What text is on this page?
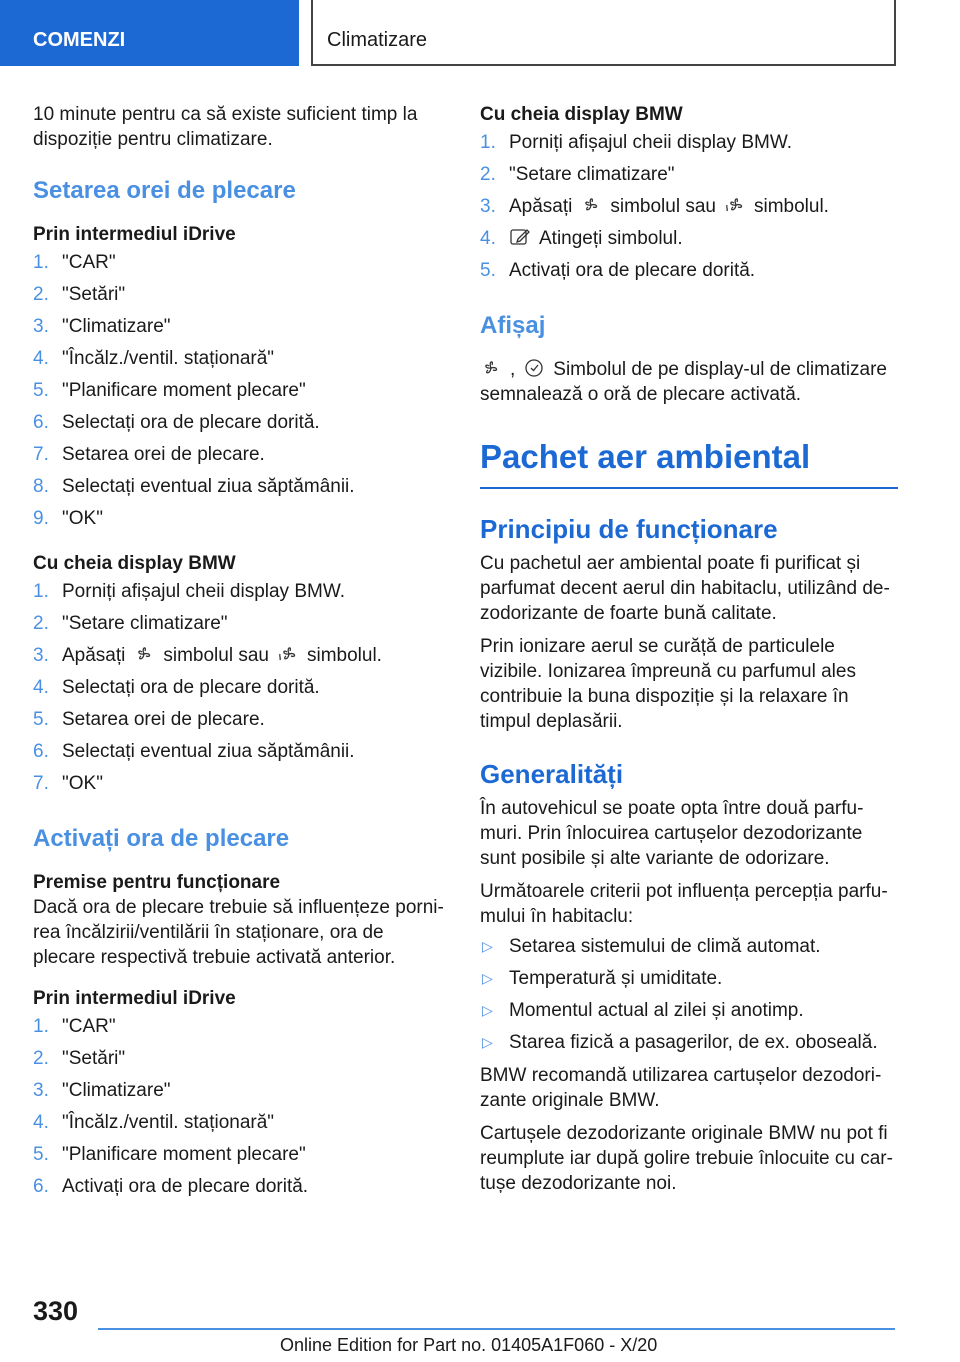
COMENZI	Climatizare

10 minute pentru ca să existe suficient timp la dispoziție pentru climatizare.

Setarea orei de plecare
Prin intermediul iDrive
1. "CAR"
2. "Setări"
3. "Climatizare"
4. "Încălz./ventil. staționară"
5. "Planificare moment plecare"
6. Selectați ora de plecare dorită.
7. Setarea orei de plecare.
8. Selectați eventual ziua săptămânii.
9. "OK"
Cu cheia display BMW
1. Porniți afișajul cheii display BMW.
2. "Setare climatizare"
3. Apăsați simbolul sau simbolul.
4. Selectați ora de plecare dorită.
5. Setarea orei de plecare.
6. Selectați eventual ziua săptămânii.
7. "OK"
Activați ora de plecare
Premise pentru funcționare

Dacă ora de plecare trebuie să influențeze pornirea încălzirii/ventilării în staționare, ora de plecare respectivă trebuie activată anterior.

Prin intermediul iDrive
1. "CAR"
2. "Setări"
3. "Climatizare"
4. "Încălz./ventil. staționară"
5. "Planificare moment plecare"
6. Activați ora de plecare dorită.
Cu cheia display BMW
1. Porniți afișajul cheii display BMW.
2. "Setare climatizare"
3. Apăsați simbolul sau simbolul.
4. Atingeți simbolul.
5. Activați ora de plecare dorită.
Afișaj

, Simbolul de pe display-ul de climatizare semnalează o oră de plecare activată.

Pachet aer ambiental
Principiu de funcționare

Cu pachetul aer ambiental poate fi purificat și parfumat decent aerul din habitaclu, utilizând dezodorizante de foarte bună calitate.

Prin ionizare aerul se curăță de particulele vizibile. Ionizarea împreună cu parfumul ales contribuie la buna dispoziție și la relaxare în timpul deplasării.

Generalități

În autovehicul se poate opta între două parfumuri. Prin înlocuirea cartușelor dezodorizante sunt posibile și alte variante de odorizare.

Următoarele criterii pot influența percepția parfumului în habitaclu:

▷ Setarea sistemului de climă automat.
▷ Temperatură și umiditate.
▷ Momentul actual al zilei și anotimp.
▷ Starea fizică a pasagerilor, de ex. oboseală.

BMW recomandă utilizarea cartușelor dezodorizante originale BMW.

Cartușele dezodorizante originale BMW nu pot fi reumplute iar după golire trebuie înlocuite cu cartușe dezodorizante noi.

330
Online Edition for Part no. 01405A1F060 - X/20
